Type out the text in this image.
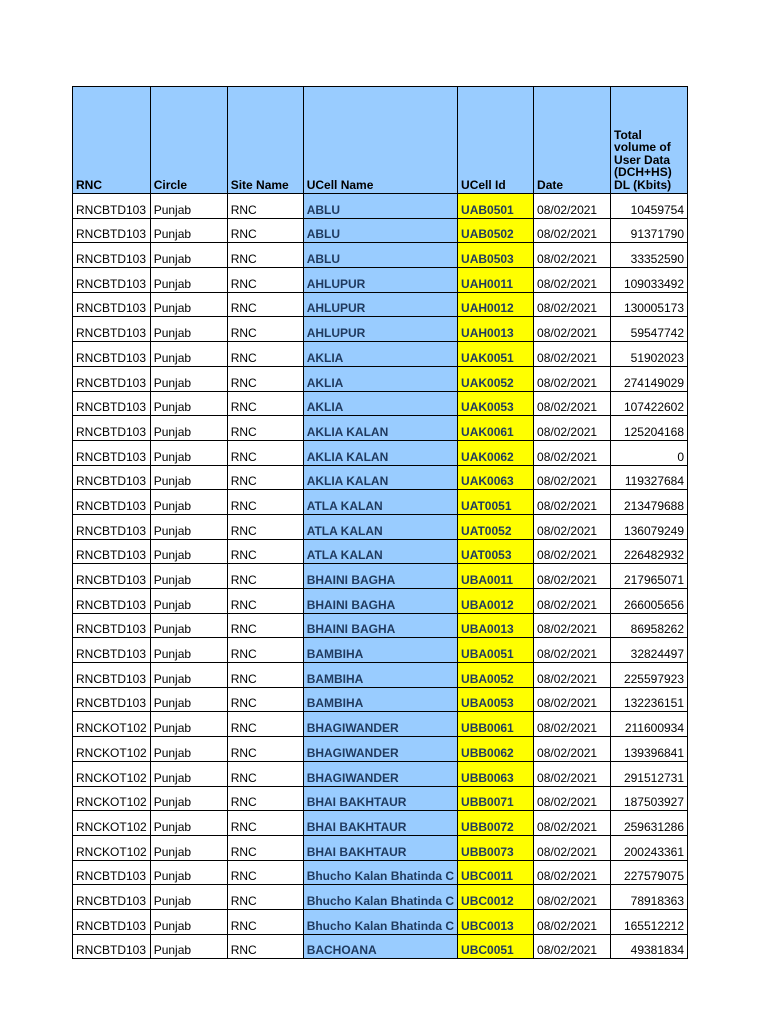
RNC	Circle	Site Name	UCell Name	UCell Id	Date	Total volume of User Data (DCH+HS) DL (Kbits)
RNCBTD103	Punjab	RNC	ABLU	UAB0501	08/02/2021	10459754
RNCBTD103	Punjab	RNC	ABLU	UAB0502	08/02/2021	91371790
RNCBTD103	Punjab	RNC	ABLU	UAB0503	08/02/2021	33352590
RNCBTD103	Punjab	RNC	AHLUPUR	UAH0011	08/02/2021	109033492
RNCBTD103	Punjab	RNC	AHLUPUR	UAH0012	08/02/2021	130005173
RNCBTD103	Punjab	RNC	AHLUPUR	UAH0013	08/02/2021	59547742
RNCBTD103	Punjab	RNC	AKLIA	UAK0051	08/02/2021	51902023
RNCBTD103	Punjab	RNC	AKLIA	UAK0052	08/02/2021	274149029
RNCBTD103	Punjab	RNC	AKLIA	UAK0053	08/02/2021	107422602
RNCBTD103	Punjab	RNC	AKLIA KALAN	UAK0061	08/02/2021	125204168
RNCBTD103	Punjab	RNC	AKLIA KALAN	UAK0062	08/02/2021	0
RNCBTD103	Punjab	RNC	AKLIA KALAN	UAK0063	08/02/2021	119327684
RNCBTD103	Punjab	RNC	ATLA KALAN	UAT0051	08/02/2021	213479688
RNCBTD103	Punjab	RNC	ATLA KALAN	UAT0052	08/02/2021	136079249
RNCBTD103	Punjab	RNC	ATLA KALAN	UAT0053	08/02/2021	226482932
RNCBTD103	Punjab	RNC	BHAINI BAGHA	UBA0011	08/02/2021	217965071
RNCBTD103	Punjab	RNC	BHAINI BAGHA	UBA0012	08/02/2021	266005656
RNCBTD103	Punjab	RNC	BHAINI BAGHA	UBA0013	08/02/2021	86958262
RNCBTD103	Punjab	RNC	BAMBIHA	UBA0051	08/02/2021	32824497
RNCBTD103	Punjab	RNC	BAMBIHA	UBA0052	08/02/2021	225597923
RNCBTD103	Punjab	RNC	BAMBIHA	UBA0053	08/02/2021	132236151
RNCKOT102	Punjab	RNC	BHAGIWANDER	UBB0061	08/02/2021	211600934
RNCKOT102	Punjab	RNC	BHAGIWANDER	UBB0062	08/02/2021	139396841
RNCKOT102	Punjab	RNC	BHAGIWANDER	UBB0063	08/02/2021	291512731
RNCKOT102	Punjab	RNC	BHAI BAKHTAUR	UBB0071	08/02/2021	187503927
RNCKOT102	Punjab	RNC	BHAI BAKHTAUR	UBB0072	08/02/2021	259631286
RNCKOT102	Punjab	RNC	BHAI BAKHTAUR	UBB0073	08/02/2021	200243361
RNCBTD103	Punjab	RNC	Bhucho Kalan Bhatinda C	UBC0011	08/02/2021	227579075
RNCBTD103	Punjab	RNC	Bhucho Kalan Bhatinda C	UBC0012	08/02/2021	78918363
RNCBTD103	Punjab	RNC	Bhucho Kalan Bhatinda C	UBC0013	08/02/2021	165512212
RNCBTD103	Punjab	RNC	BACHOANA	UBC0051	08/02/2021	49381834
